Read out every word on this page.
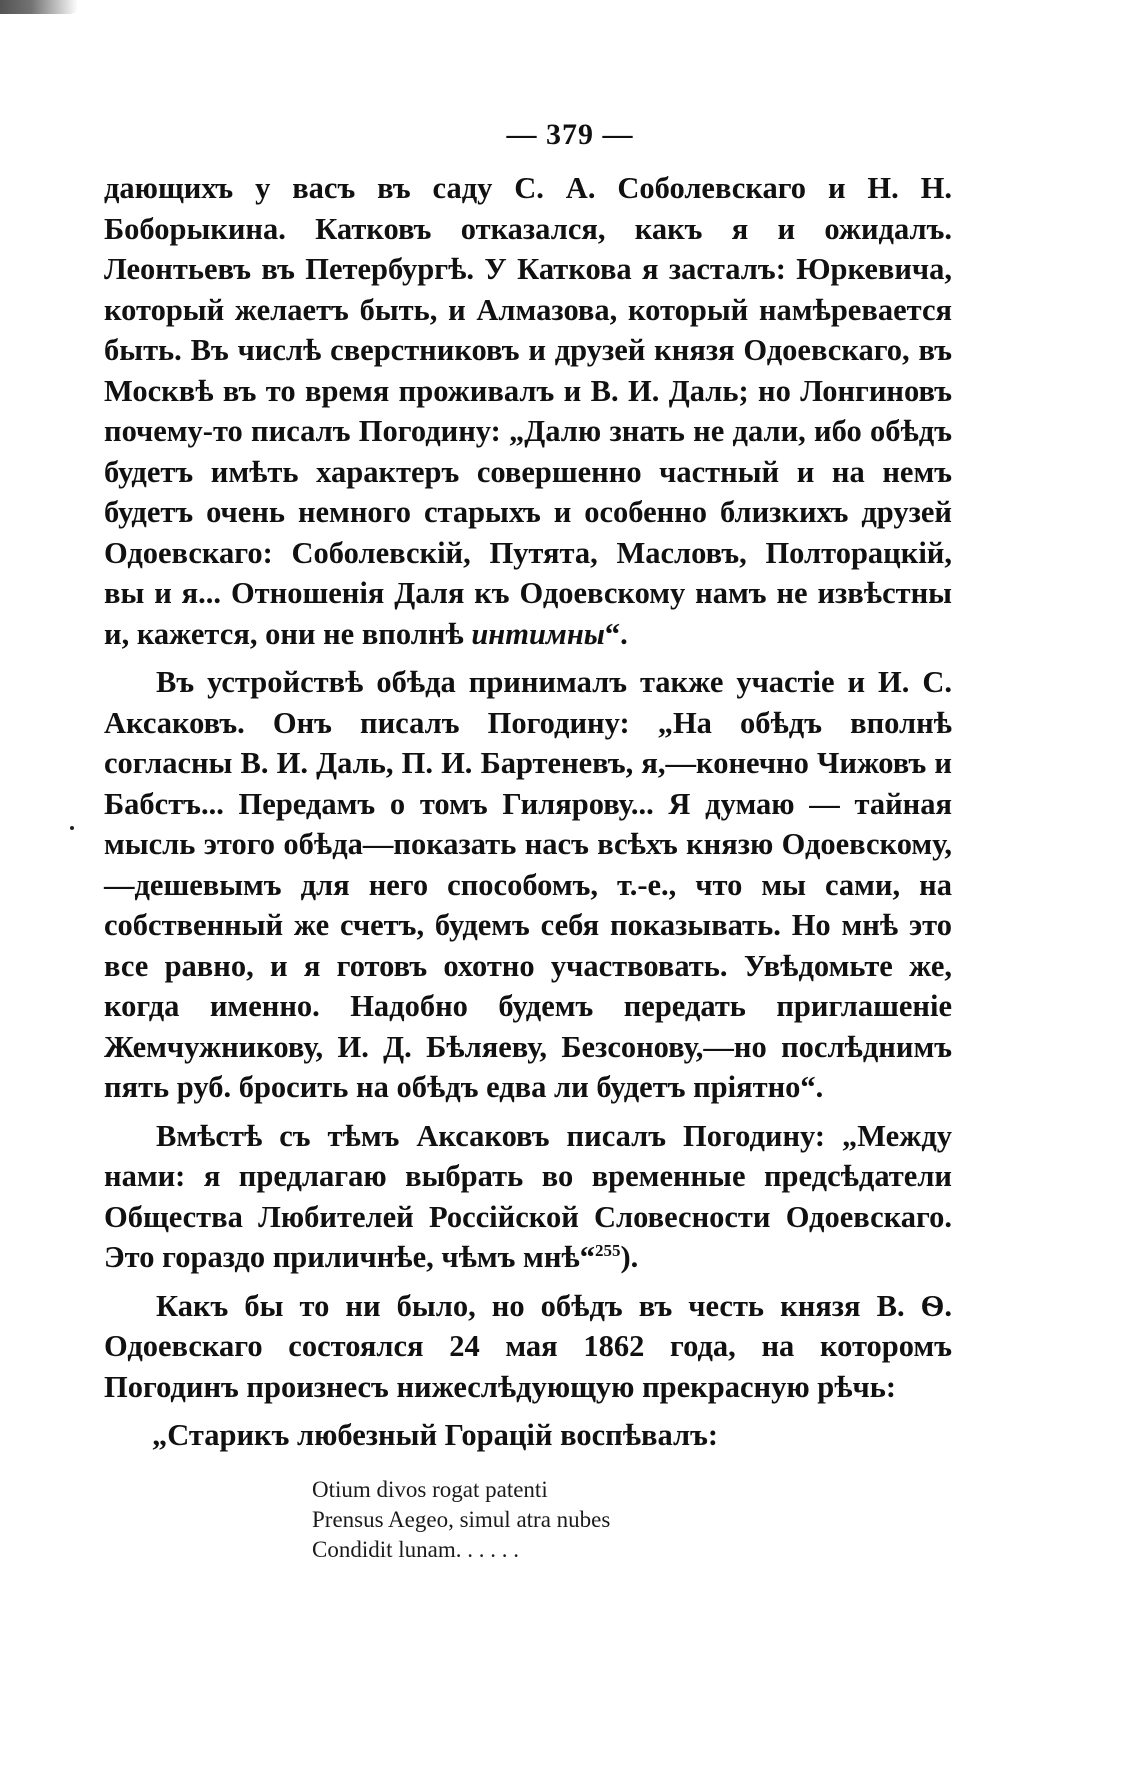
— 379 —

дающихъ у васъ въ саду С. А. Соболевскаго и Н. Н. Боборыкина. Катковъ отказался, какъ я и ожидалъ. Леонтьевъ въ Петербургѣ. У Каткова я засталъ: Юркевича, который желаетъ быть, и Алмазова, который намѣревается быть. Въ числѣ сверстниковъ и друзей князя Одоевскаго, въ Москвѣ въ то время проживалъ и В. И. Даль; но Лонгиновъ почему-то писалъ Погодину: „Далю знать не дали, ибо обѣдъ будетъ имѣть характеръ совершенно частный и на немъ будетъ очень немного старыхъ и особенно близкихъ друзей Одоевскаго: Соболевскій, Путята, Масловъ, Полторацкій, вы и я... Отношенія Даля къ Одоевскому намъ не извѣстны и, кажется, они не вполнѣ интимны“.

Въ устройствѣ обѣда принималъ также участіе и И. С. Аксаковъ. Онъ писалъ Погодину: „На обѣдъ вполнѣ согласны В. И. Даль, П. И. Бартеневъ, я,—конечно Чижовъ и Бабстъ... Передамъ о томъ Гилярову... Я думаю — тайная мысль этого обѣда—показать насъ всѣхъ князю Одоевскому,—дешевымъ для него способомъ, т.-е., что мы сами, на собственный же счетъ, будемъ себя показывать. Но мнѣ это все равно, и я готовъ охотно участвовать. Увѣдомьте же, когда именно. Надобно будемъ передать приглашеніе Жемчужникову, И. Д. Бѣляеву, Безсонову,—но послѣднимъ пять руб. бросить на обѣдъ едва ли будетъ пріятно“.

Вмѣстѣ съ тѣмъ Аксаковъ писалъ Погодину: „Между нами: я предлагаю выбрать во временные предсѣдатели Общества Любителей Россійской Словесности Одоевскаго. Это гораздо приличнѣе, чѣмъ мнѣ“$^{255}$).

Какъ бы то ни было, но обѣдъ въ честь князя В. Ѳ. Одоевскаго состоялся 24 мая 1862 года, на которомъ Погодинъ произнесъ нижеслѣдующую прекрасную рѣчь:

„Старикъ любезный Горацій воспѣвалъ:

Otium divos rogat patenti
Prensus Aegeo, simul atra nubes
Condidit lunam. . . . . .
